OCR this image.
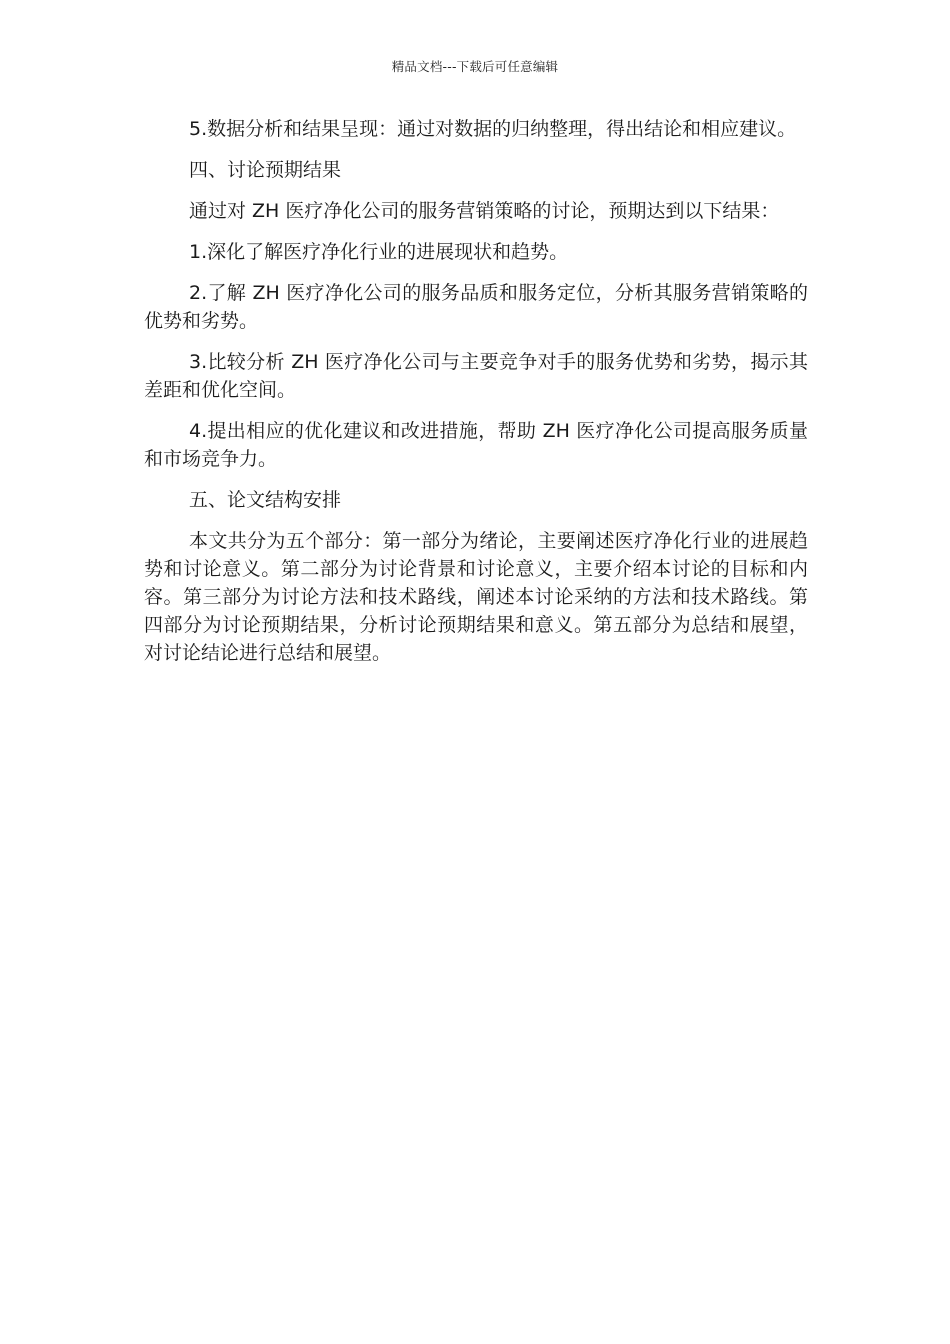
精品文档---下载后可任意编辑

5.数据分析和结果呈现：通过对数据的归纳整理，得出结论和相应建议。

四、讨论预期结果

通过对 ZH 医疗净化公司的服务营销策略的讨论，预期达到以下结果：

1.深化了解医疗净化行业的进展现状和趋势。

2.了解 ZH 医疗净化公司的服务品质和服务定位，分析其服务营销策略的优势和劣势。

3.比较分析 ZH 医疗净化公司与主要竞争对手的服务优势和劣势，揭示其差距和优化空间。

4.提出相应的优化建议和改进措施，帮助 ZH 医疗净化公司提高服务质量和市场竞争力。

五、论文结构安排

本文共分为五个部分：第一部分为绪论，主要阐述医疗净化行业的进展趋势和讨论意义。第二部分为讨论背景和讨论意义，主要介绍本讨论的目标和内容。第三部分为讨论方法和技术路线，阐述本讨论采纳的方法和技术路线。第四部分为讨论预期结果，分析讨论预期结果和意义。第五部分为总结和展望，对讨论结论进行总结和展望。
